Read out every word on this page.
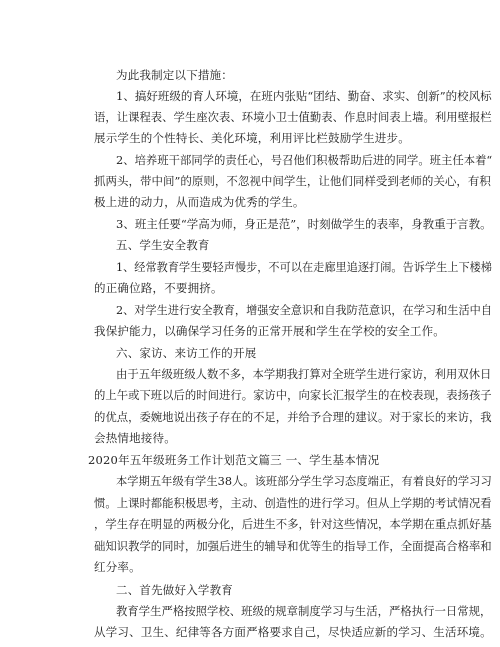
为此我制定以下措施：
1、搞好班级的育人环境，在班内张贴“团结、勤奋、求实、创新”的校风标
语，让课程表、学生座次表、环境小卫士值勤表、作息时间表上墙。利用壁报栏
展示学生的个性特长、美化环境，利用评比栏鼓励学生进步。
2、培养班干部同学的责任心，号召他们积极帮助后进的同学。班主任本着“
抓两头，带中间”的原则，不忽视中间学生，让他们同样受到老师的关心，有积
极上进的动力，从而造成为优秀的学生。
3、班主任要“学高为师，身正是范”，时刻做学生的表率，身教重于言教。
五、学生安全教育
1、经常教育学生要轻声慢步，不可以在走廊里追逐打闹。告诉学生上下楼梯
的正确位路，不要拥挤。
2、对学生进行安全教育，增强安全意识和自我防范意识，在学习和生活中自
我保护能力，以确保学习任务的正常开展和学生在学校的安全工作。
六、家访、来访工作的开展
由于五年级班级人数不多，本学期我打算对全班学生进行家访，利用双休日
的上午或下班以后的时间进行。家访中，向家长汇报学生的在校表现，表扬孩子
的优点，委婉地说出孩子存在的不足，并给予合理的建议。对于家长的来访，我
会热情地接待。
2020年五年级班务工作计划范文篇三 一、学生基本情况
本学期五年级有学生38人。该班部分学生学习态度端正，有着良好的学习习
惯。上课时都能积极思考，主动、创造性的进行学习。但从上学期的考试情况看
，学生存在明显的两极分化，后进生不多，针对这些情况，本学期在重点抓好基
础知识教学的同时，加强后进生的辅导和优等生的指导工作，全面提高合格率和
红分率。
二、首先做好入学教育
教育学生严格按照学校、班级的规章制度学习与生活，严格执行一日常规，
从学习、卫生、纪律等各方面严格要求自己，尽快适应新的学习、生活环境。
